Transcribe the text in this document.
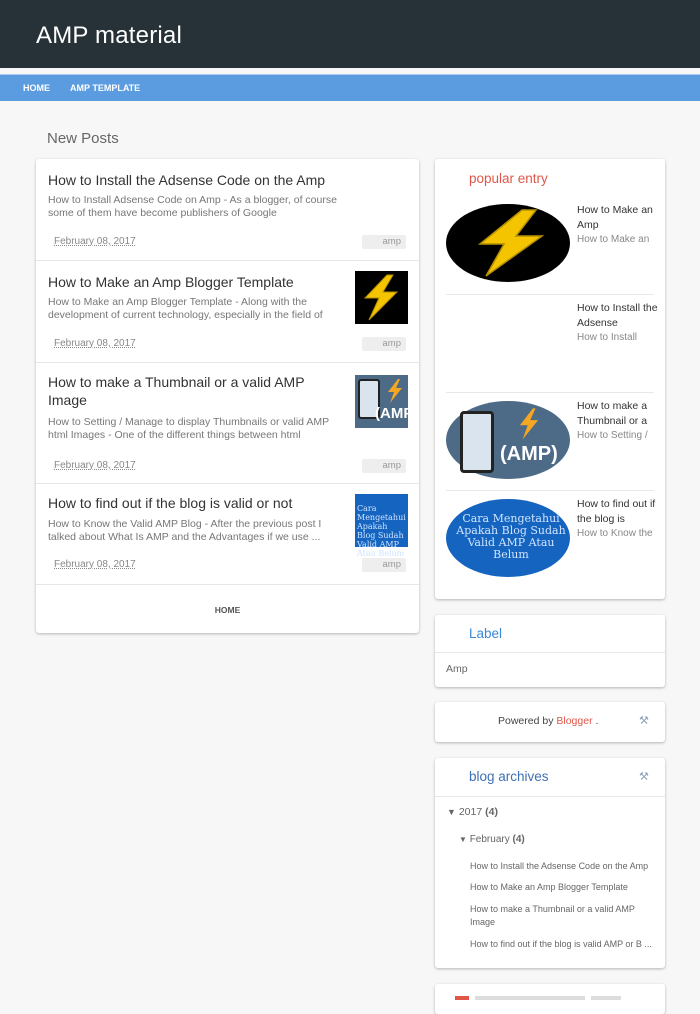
AMP material
HOME AMP TEMPLATE
New Posts
How to Install the Adsense Code on the Amp
How to Install Adsense Code on Amp - As a blogger, of course some of them have become publishers of Google
February 08, 2017	amp
How to Make an Amp Blogger Template
How to Make an Amp Blogger Template - Along with the development of current technology, especially in the field of
February 08, 2017	amp
How to make a Thumbnail or a valid AMP Image
How to Setting / Manage to display Thumbnails or valid AMP html Images - One of the different things between html
(AMP)
February 08, 2017	amp
How to find out if the blog is valid or not
How to Know the Valid AMP Blog - After the previous post I talked about What Is AMP and the Advantages if we use ...
Cara Mengetahui
Apakah Blog Sudah
Valid AMP Atau Belum
February 08, 2017	amp
HOME
popular entry
How to Make an Amp
How to Make an
How to Install the Adsense
How to Install
(AMP)
How to make a Thumbnail or a
How to Setting /
Cara Mengetahui
Apakah Blog Sudah
Valid AMP Atau Belum
How to find out if the blog is
How to Know the
Label
Amp
Powered by Blogger .	⚒
blog archives	⚒
▼ 2017 (4)
▼ February (4)
How to Install the Adsense Code on the Amp
How to Make an Amp Blogger Template
How to make a Thumbnail or a valid AMP Image
How to find out if the blog is valid AMP or B ...
